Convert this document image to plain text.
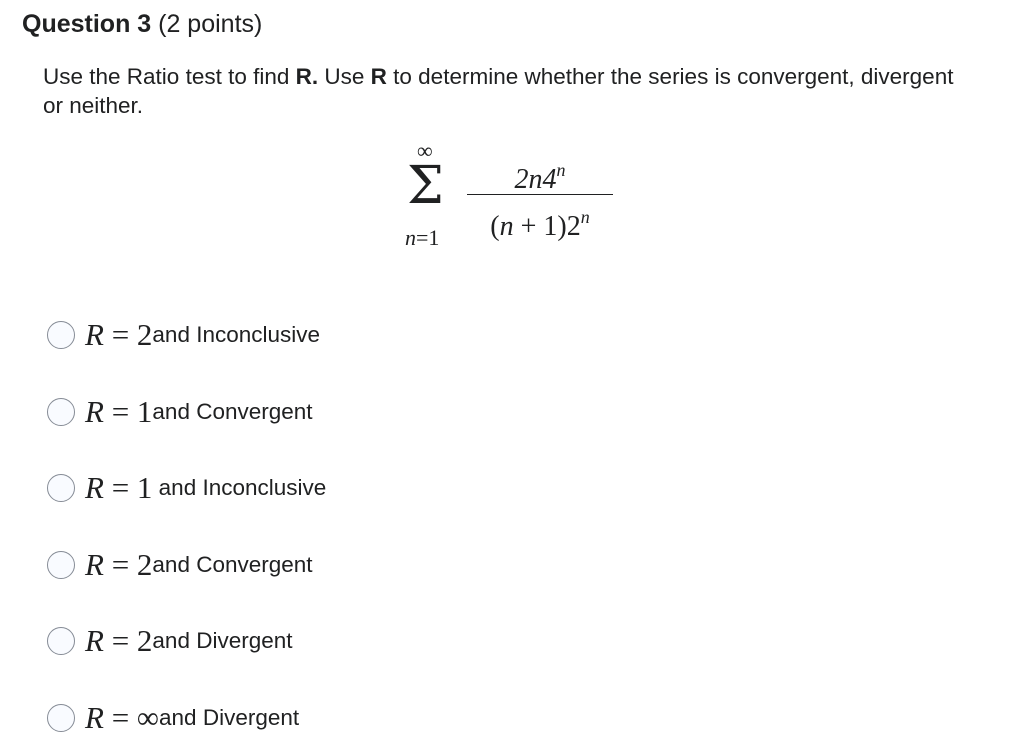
Question 3 (2 points)
Use the Ratio test to find R. Use R to determine whether the series is convergent, divergent or neither.
∞
Σ
n=1
2n4$^n$
$(n + 1)2^n$
R = 2 and Inconclusive
R = 1 and Convergent
R = 1 and Inconclusive
R = 2 and Convergent
R = 2 and Divergent
R = ∞ and Divergent
